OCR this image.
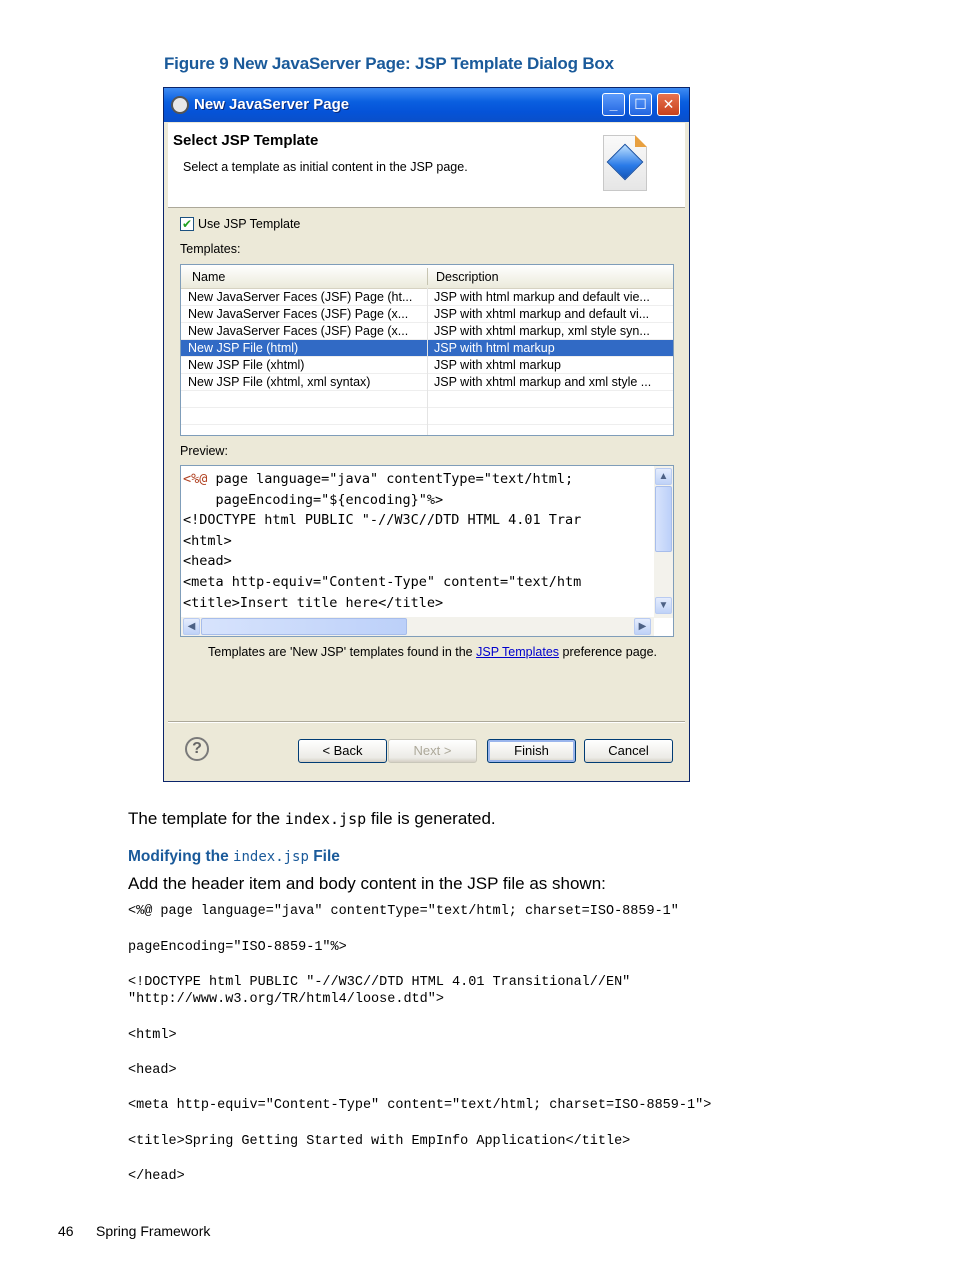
Figure 9 New JavaServer Page: JSP Template Dialog Box
New JavaServer Page	_	☐	✕
Select JSP Template
Select a template as initial content in the JSP page.
✔ Use JSP Template
Templates:
Name	Description
New JavaServer Faces (JSF) Page (ht...	JSP with html markup and default vie...
New JavaServer Faces (JSF) Page (x...	JSP with xhtml markup and default vi...
New JavaServer Faces (JSF) Page (x...	JSP with xhtml markup, xml style syn...
New JSP File (html)	JSP with html markup
New JSP File (xhtml)	JSP with xhtml markup
New JSP File (xhtml, xml syntax)	JSP with xhtml markup and xml style ...
Preview:
<%@ page language="java" contentType="text/html;
pageEncoding="${encoding}"%>
<!DOCTYPE html PUBLIC "-//W3C//DTD HTML 4.01 Trar
<html>
<head>
<meta http-equiv="Content-Type" content="text/htm
<title>Insert title here</title>
▲
▼
◀	▶
Templates are 'New JSP' templates found in the JSP Templates preference page.
?	< Back	Next >	Finish	Cancel
The template for the index.jsp file is generated.
Modifying the index.jsp File
Add the header item and body content in the JSP file as shown:
<%@ page language="java" contentType="text/html; charset=ISO-8859-1"
pageEncoding="ISO-8859-1"%>
<!DOCTYPE html PUBLIC "-//W3C//DTD HTML 4.01 Transitional//EN"
"http://www.w3.org/TR/html4/loose.dtd">
<html>
<head>
<meta http-equiv="Content-Type" content="text/html; charset=ISO-8859-1">
<title>Spring Getting Started with EmpInfo Application</title>
</head>
46 Spring Framework
